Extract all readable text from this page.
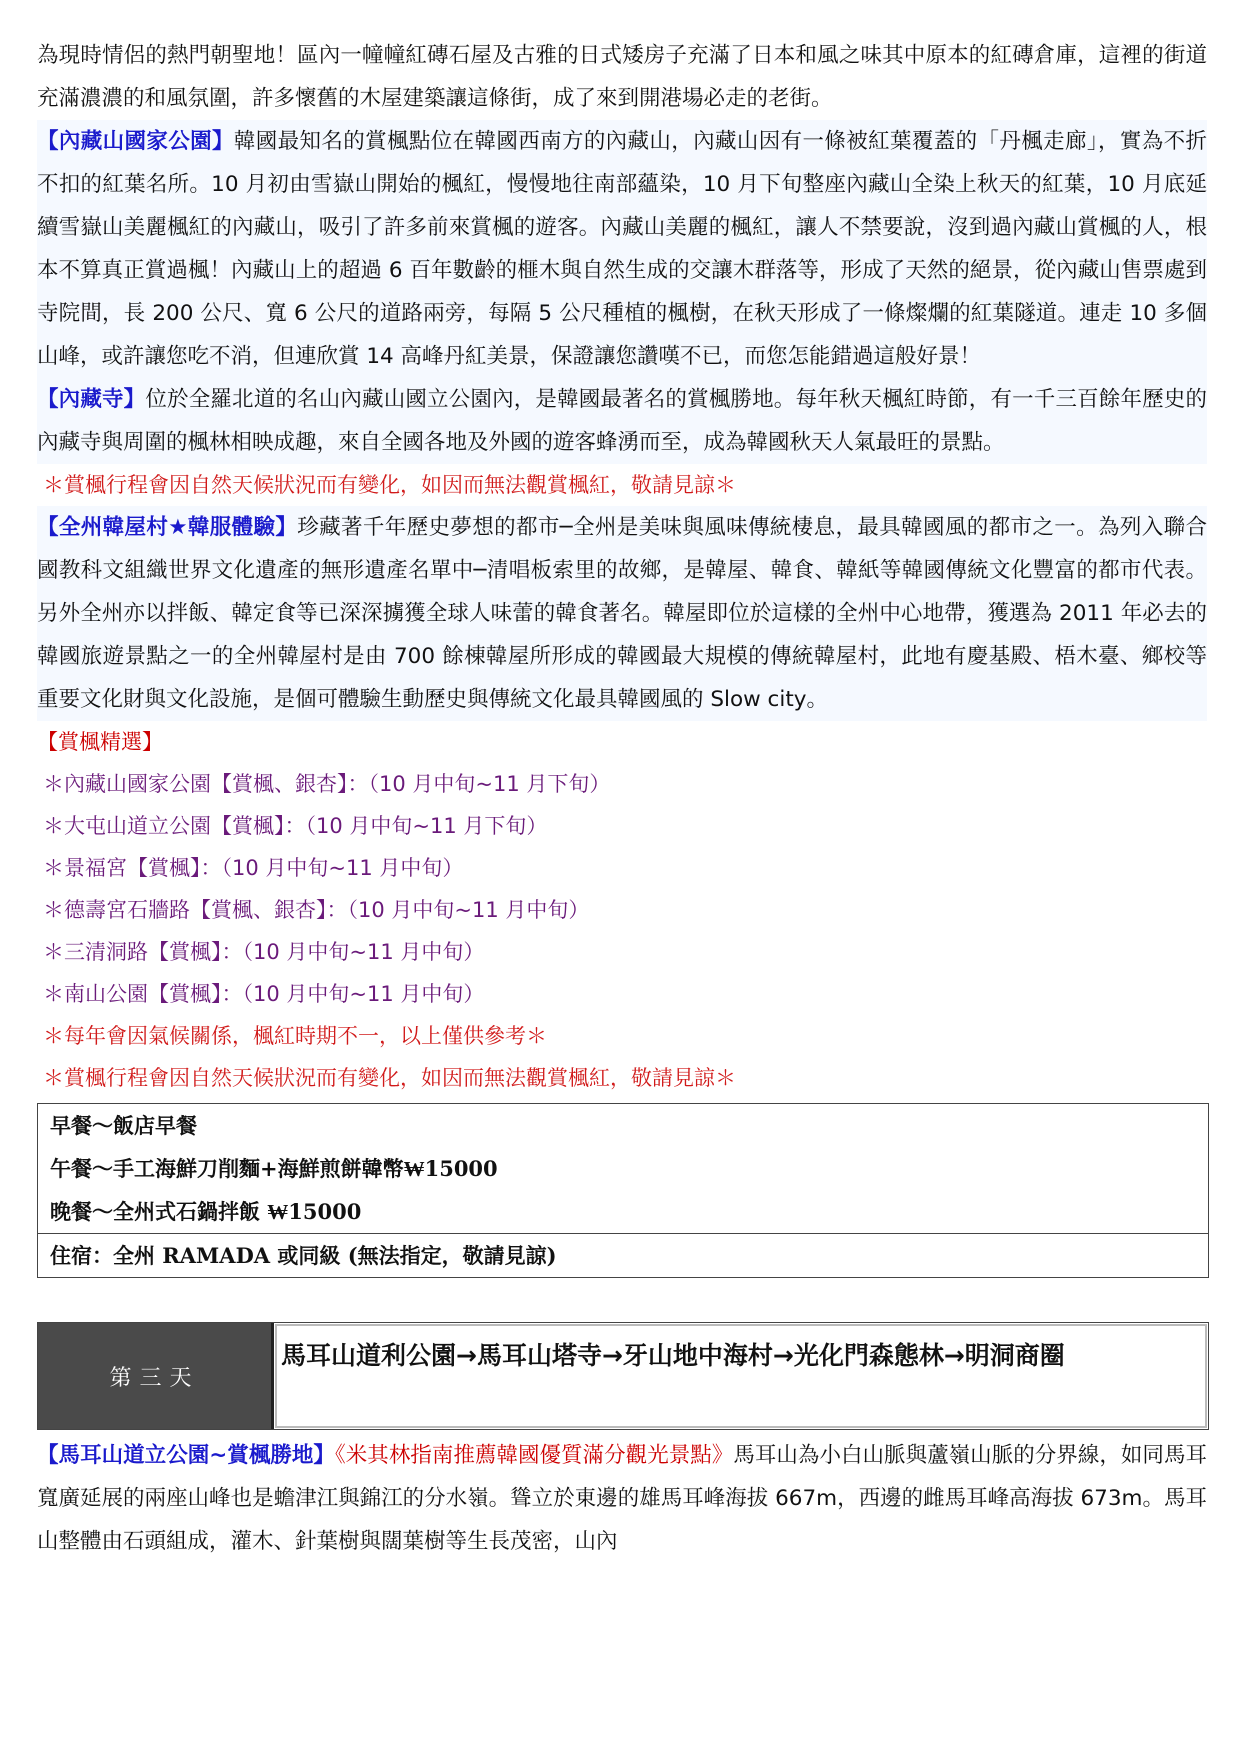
為現時情侶的熱門朝聖地！區內一幢幢紅磚石屋及古雅的日式矮房子充滿了日本和風之味其中原本的紅磚倉庫，這裡的街道充滿濃濃的和風氛圍，許多懷舊的木屋建築讓這條街，成了來到開港場必走的老街。

【內藏山國家公園】韓國最知名的賞楓點位在韓國西南方的內藏山，內藏山因有一條被紅葉覆蓋的「丹楓走廊」，實為不折不扣的紅葉名所。10 月初由雪嶽山開始的楓紅，慢慢地往南部蘊染，10 月下旬整座內藏山全染上秋天的紅葉，10 月底延續雪嶽山美麗楓紅的內藏山，吸引了許多前來賞楓的遊客。內藏山美麗的楓紅，讓人不禁要說，沒到過內藏山賞楓的人，根本不算真正賞過楓！內藏山上的超過 6 百年數齡的榧木與自然生成的交讓木群落等，形成了天然的絕景，從內藏山售票處到寺院間，長 200 公尺、寬 6 公尺的道路兩旁，每隔 5 公尺種植的楓樹，在秋天形成了一條燦爛的紅葉隧道。連走 10 多個山峰，或許讓您吃不消，但連欣賞 14 高峰丹紅美景，保證讓您讚嘆不已，而您怎能錯過這般好景！

【內藏寺】位於全羅北道的名山內藏山國立公園內，是韓國最著名的賞楓勝地。每年秋天楓紅時節，有一千三百餘年歷史的內藏寺與周圍的楓林相映成趣，來自全國各地及外國的遊客蜂湧而至，成為韓國秋天人氣最旺的景點。

＊賞楓行程會因自然天候狀況而有變化，如因而無法觀賞楓紅，敬請見諒＊

【全州韓屋村★韓服體驗】珍藏著千年歷史夢想的都市─全州是美味與風味傳統棲息，最具韓國風的都市之一。為列入聯合國教科文組織世界文化遺產的無形遺產名單中─清唱板索里的故鄉，是韓屋、韓食、韓紙等韓國傳統文化豐富的都市代表。另外全州亦以拌飯、韓定食等已深深擄獲全球人味蕾的韓食著名。韓屋即位於這樣的全州中心地帶，獲選為 2011 年必去的韓國旅遊景點之一的全州韓屋村是由 700 餘棟韓屋所形成的韓國最大規模的傳統韓屋村，此地有慶基殿、梧木臺、鄉校等重要文化財與文化設施，是個可體驗生動歷史與傳統文化最具韓國風的 Slow city。

【賞楓精選】

＊內藏山國家公園【賞楓、銀杏】：（10 月中旬~11 月下旬）

＊大屯山道立公園【賞楓】：（10 月中旬~11 月下旬）

＊景福宮【賞楓】：（10 月中旬~11 月中旬）

＊德壽宮石牆路【賞楓、銀杏】：（10 月中旬~11 月中旬）

＊三清洞路【賞楓】：（10 月中旬~11 月中旬）

＊南山公園【賞楓】：（10 月中旬~11 月中旬）

＊每年會因氣候關係，楓紅時期不一，以上僅供參考＊

＊賞楓行程會因自然天候狀況而有變化，如因而無法觀賞楓紅，敬請見諒＊

早餐～飯店早餐
午餐～手工海鮮刀削麵+海鮮煎餅韓幣₩15000
晚餐～全州式石鍋拌飯 ₩15000
住宿：全州 RAMADA 或同級 (無法指定，敬請見諒)
第三天
馬耳山道利公園→馬耳山塔寺→牙山地中海村→光化門森態林→明洞商圈

【馬耳山道立公園~賞楓勝地】《米其林指南推薦韓國優質滿分觀光景點》馬耳山為小白山脈與蘆嶺山脈的分界線，如同馬耳寬廣延展的兩座山峰也是蟾津江與錦江的分水嶺。聳立於東邊的雄馬耳峰海拔 667m，西邊的雌馬耳峰高海拔 673m。馬耳山整體由石頭組成，灌木、針葉樹與闊葉樹等生長茂密，山內
